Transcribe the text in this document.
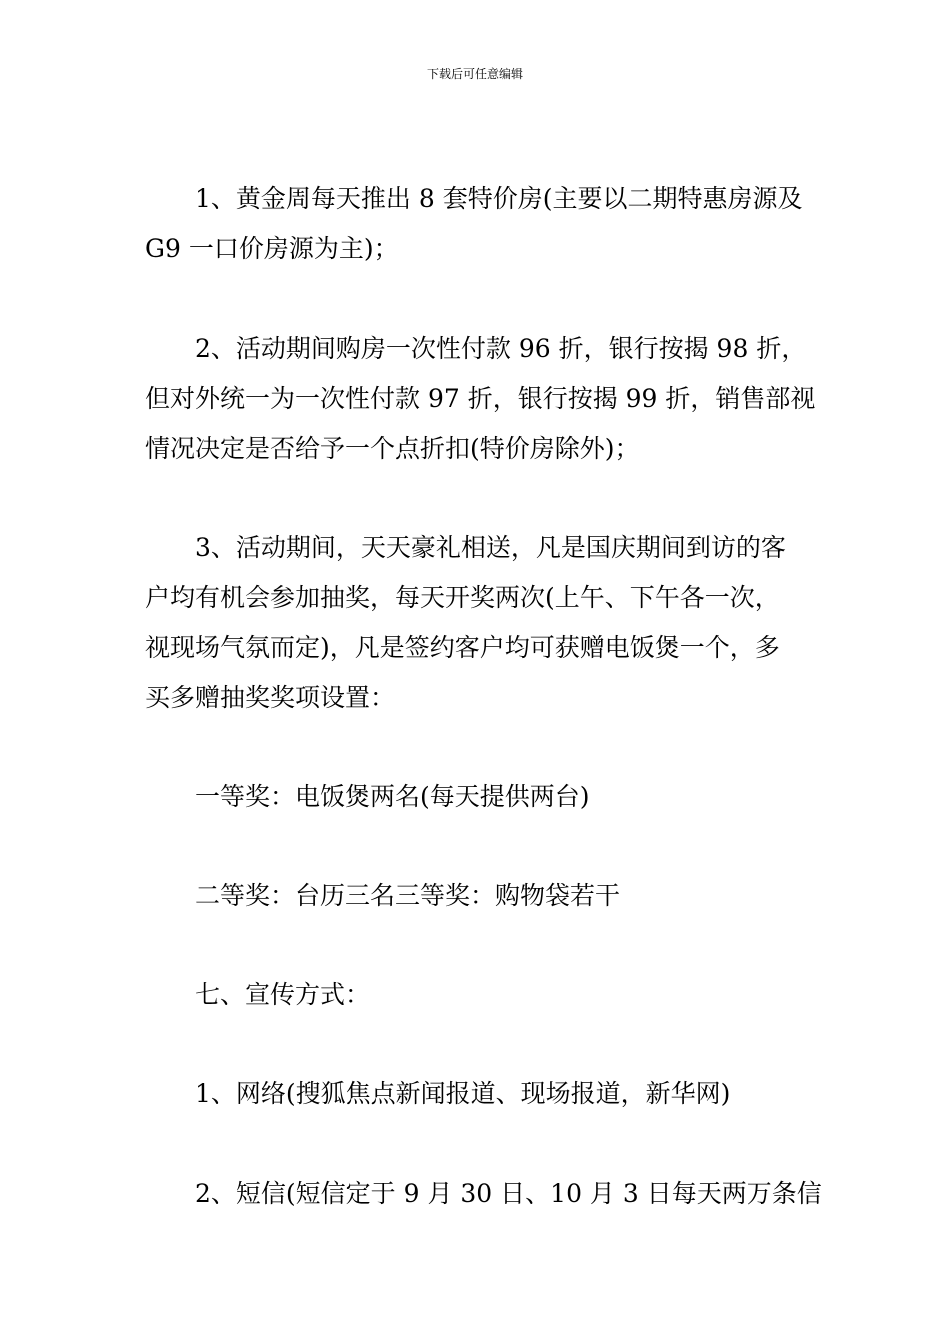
下载后可任意编辑
1、黄金周每天推出 8 套特价房(主要以二期特惠房源及
G9 一口价房源为主)；
2、活动期间购房一次性付款 96 折，银行按揭 98 折，
但对外统一为一次性付款 97 折，银行按揭 99 折，销售部视
情况决定是否给予一个点折扣(特价房除外)；
3、活动期间，天天豪礼相送，凡是国庆期间到访的客
户均有机会参加抽奖，每天开奖两次(上午、下午各一次，
视现场气氛而定)，凡是签约客户均可获赠电饭煲一个，多
买多赠抽奖奖项设置：
一等奖：电饭煲两名(每天提供两台)
二等奖：台历三名三等奖：购物袋若干
七、宣传方式：
1、网络(搜狐焦点新闻报道、现场报道，新华网)
2、短信(短信定于 9 月 30 日、10 月 3 日每天两万条信
